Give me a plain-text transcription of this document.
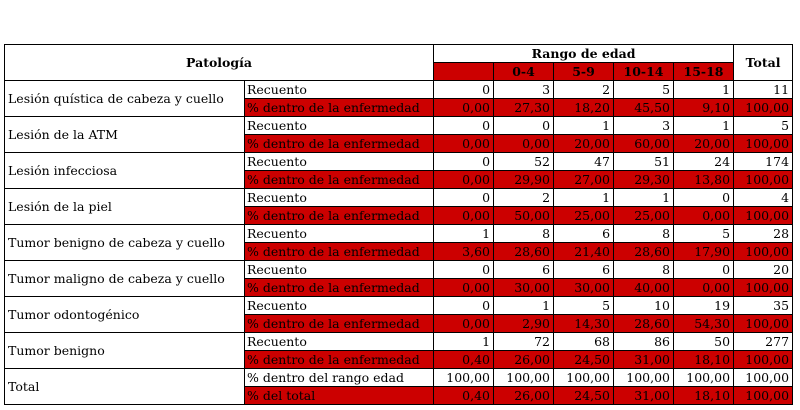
Patología		Rango de edad					Total
			0-4	5-9	10-14	15-18	
Lesión quística de cabeza y cuello	Recuento	0	3	2	5	1	11
	% dentro de la enfermedad	0,00	27,30	18,20	45,50	9,10	100,00
Lesión de la ATM	Recuento	0	0	1	3	1	5
	% dentro de la enfermedad	0,00	0,00	20,00	60,00	20,00	100,00
Lesión infecciosa	Recuento	0	52	47	51	24	174
	% dentro de la enfermedad	0,00	29,90	27,00	29,30	13,80	100,00
Lesión de la piel	Recuento	0	2	1	1	0	4
	% dentro de la enfermedad	0,00	50,00	25,00	25,00	0,00	100,00
Tumor benigno de cabeza y cuello	Recuento	1	8	6	8	5	28
	% dentro de la enfermedad	3,60	28,60	21,40	28,60	17,90	100,00
Tumor maligno de cabeza y cuello	Recuento	0	6	6	8	0	20
	% dentro de la enfermedad	0,00	30,00	30,00	40,00	0,00	100,00
Tumor odontogénico	Recuento	0	1	5	10	19	35
	% dentro de la enfermedad	0,00	2,90	14,30	28,60	54,30	100,00
Tumor benigno	Recuento	1	72	68	86	50	277
	% dentro de la enfermedad	0,40	26,00	24,50	31,00	18,10	100,00
Total	% dentro del rango edad	100,00	100,00	100,00	100,00	100,00	100,00
	% del total	0,40	26,00	24,50	31,00	18,10	100,00
